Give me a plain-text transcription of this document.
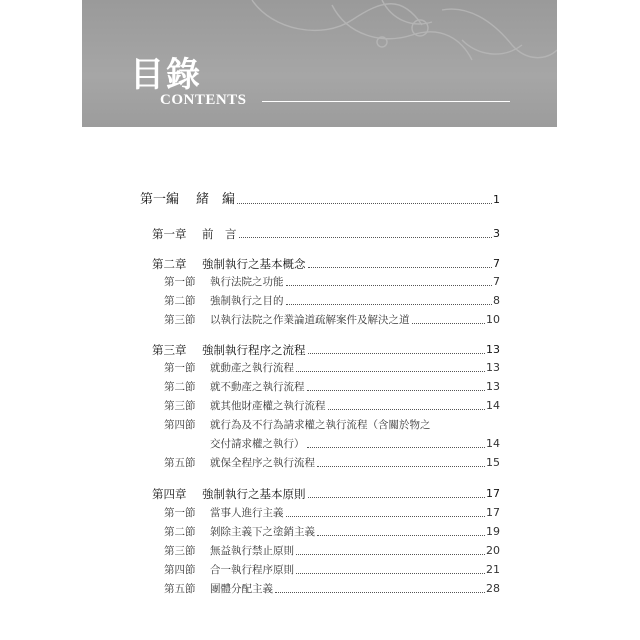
目錄
CONTENTS
第一編 緒　編	1
第一章 前　言	3
第二章 強制執行之基本概念	7
第一節 執行法院之功能	7
第二節 強制執行之目的	8
第三節 以執行法院之作業論道疏解案件及解決之道	10
第三章 強制執行程序之流程	13
第一節 就動產之執行流程	13
第二節 就不動產之執行流程	13
第三節 就其他財產權之執行流程	14
第四節 就行為及不行為請求權之執行流程（含關於物之
交付請求權之執行）	14
第五節 就保全程序之執行流程	15
第四章 強制執行之基本原則	17
第一節 當事人進行主義	17
第二節 剝除主義下之塗銷主義	19
第三節 無益執行禁止原則	20
第四節 合一執行程序原則	21
第五節 團體分配主義	28
